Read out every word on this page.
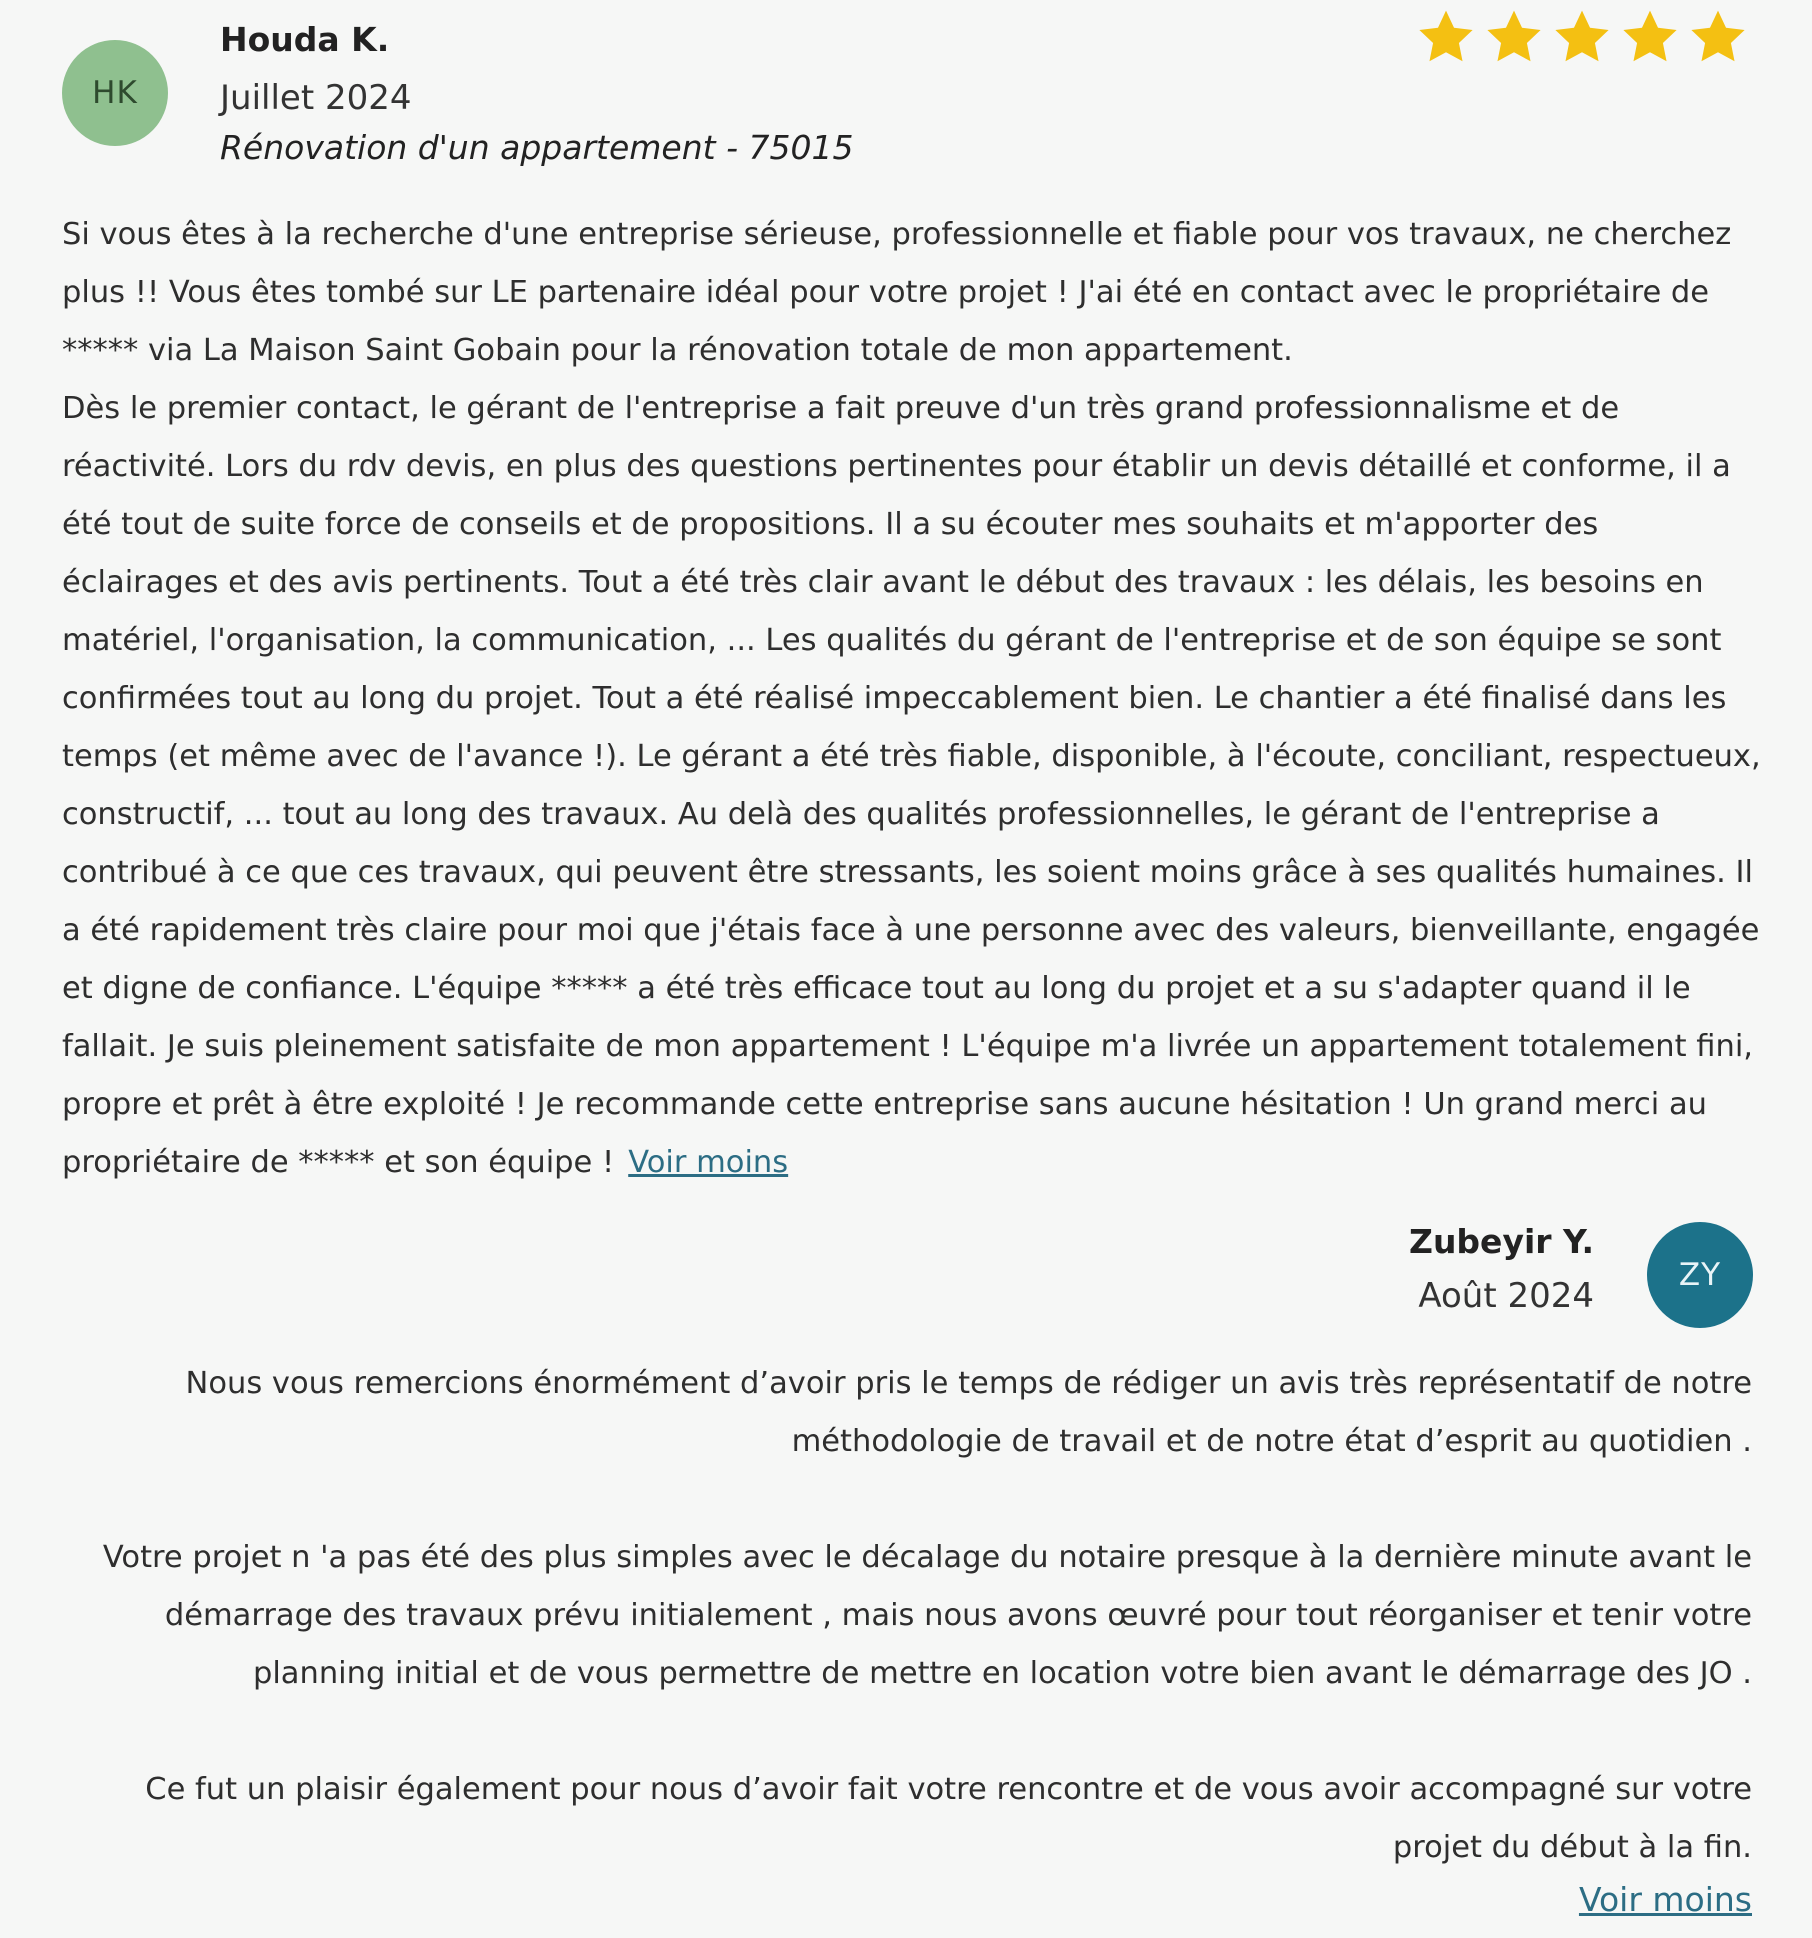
HK
Houda K.
Juillet 2024
Rénovation d'un appartement - 75015

Si vous êtes à la recherche d'une entreprise sérieuse, professionnelle et fiable pour vos travaux, ne cherchez plus !! Vous êtes tombé sur LE partenaire idéal pour votre projet ! J'ai été en contact avec le propriétaire de ***** via La Maison Saint Gobain pour la rénovation totale de mon appartement.

Dès le premier contact, le gérant de l'entreprise a fait preuve d'un très grand professionnalisme et de réactivité. Lors du rdv devis, en plus des questions pertinentes pour établir un devis détaillé et conforme, il a été tout de suite force de conseils et de propositions. Il a su écouter mes souhaits et m'apporter des éclairages et des avis pertinents. Tout a été très clair avant le début des travaux : les délais, les besoins en matériel, l'organisation, la communication, ... Les qualités du gérant de l'entreprise et de son équipe se sont confirmées tout au long du projet. Tout a été réalisé impeccablement bien. Le chantier a été finalisé dans les temps (et même avec de l'avance !). Le gérant a été très fiable, disponible, à l'écoute, conciliant, respectueux, constructif, ... tout au long des travaux. Au delà des qualités professionnelles, le gérant de l'entreprise a contribué à ce que ces travaux, qui peuvent être stressants, les soient moins grâce à ses qualités humaines. Il a été rapidement très claire pour moi que j'étais face à une personne avec des valeurs, bienveillante, engagée et digne de confiance. L'équipe ***** a été très efficace tout au long du projet et a su s'adapter quand il le fallait. Je suis pleinement satisfaite de mon appartement ! L'équipe m'a livrée un appartement totalement fini, propre et prêt à être exploité ! Je recommande cette entreprise sans aucune hésitation ! Un grand merci au propriétaire de ***** et son équipe ! Voir moins

Zubeyir Y.
Août 2024
ZY

Nous vous remercions énormément d’avoir pris le temps de rédiger un avis très représentatif de notre méthodologie de travail et de notre état d’esprit au quotidien .

Votre projet n 'a pas été des plus simples avec le décalage du notaire presque à la dernière minute avant le démarrage des travaux prévu initialement , mais nous avons œuvré pour tout réorganiser et tenir votre planning initial et de vous permettre de mettre en location votre bien avant le démarrage des JO .

Ce fut un plaisir également pour nous d’avoir fait votre rencontre et de vous avoir accompagné sur votre projet du début à la fin.

Voir moins
